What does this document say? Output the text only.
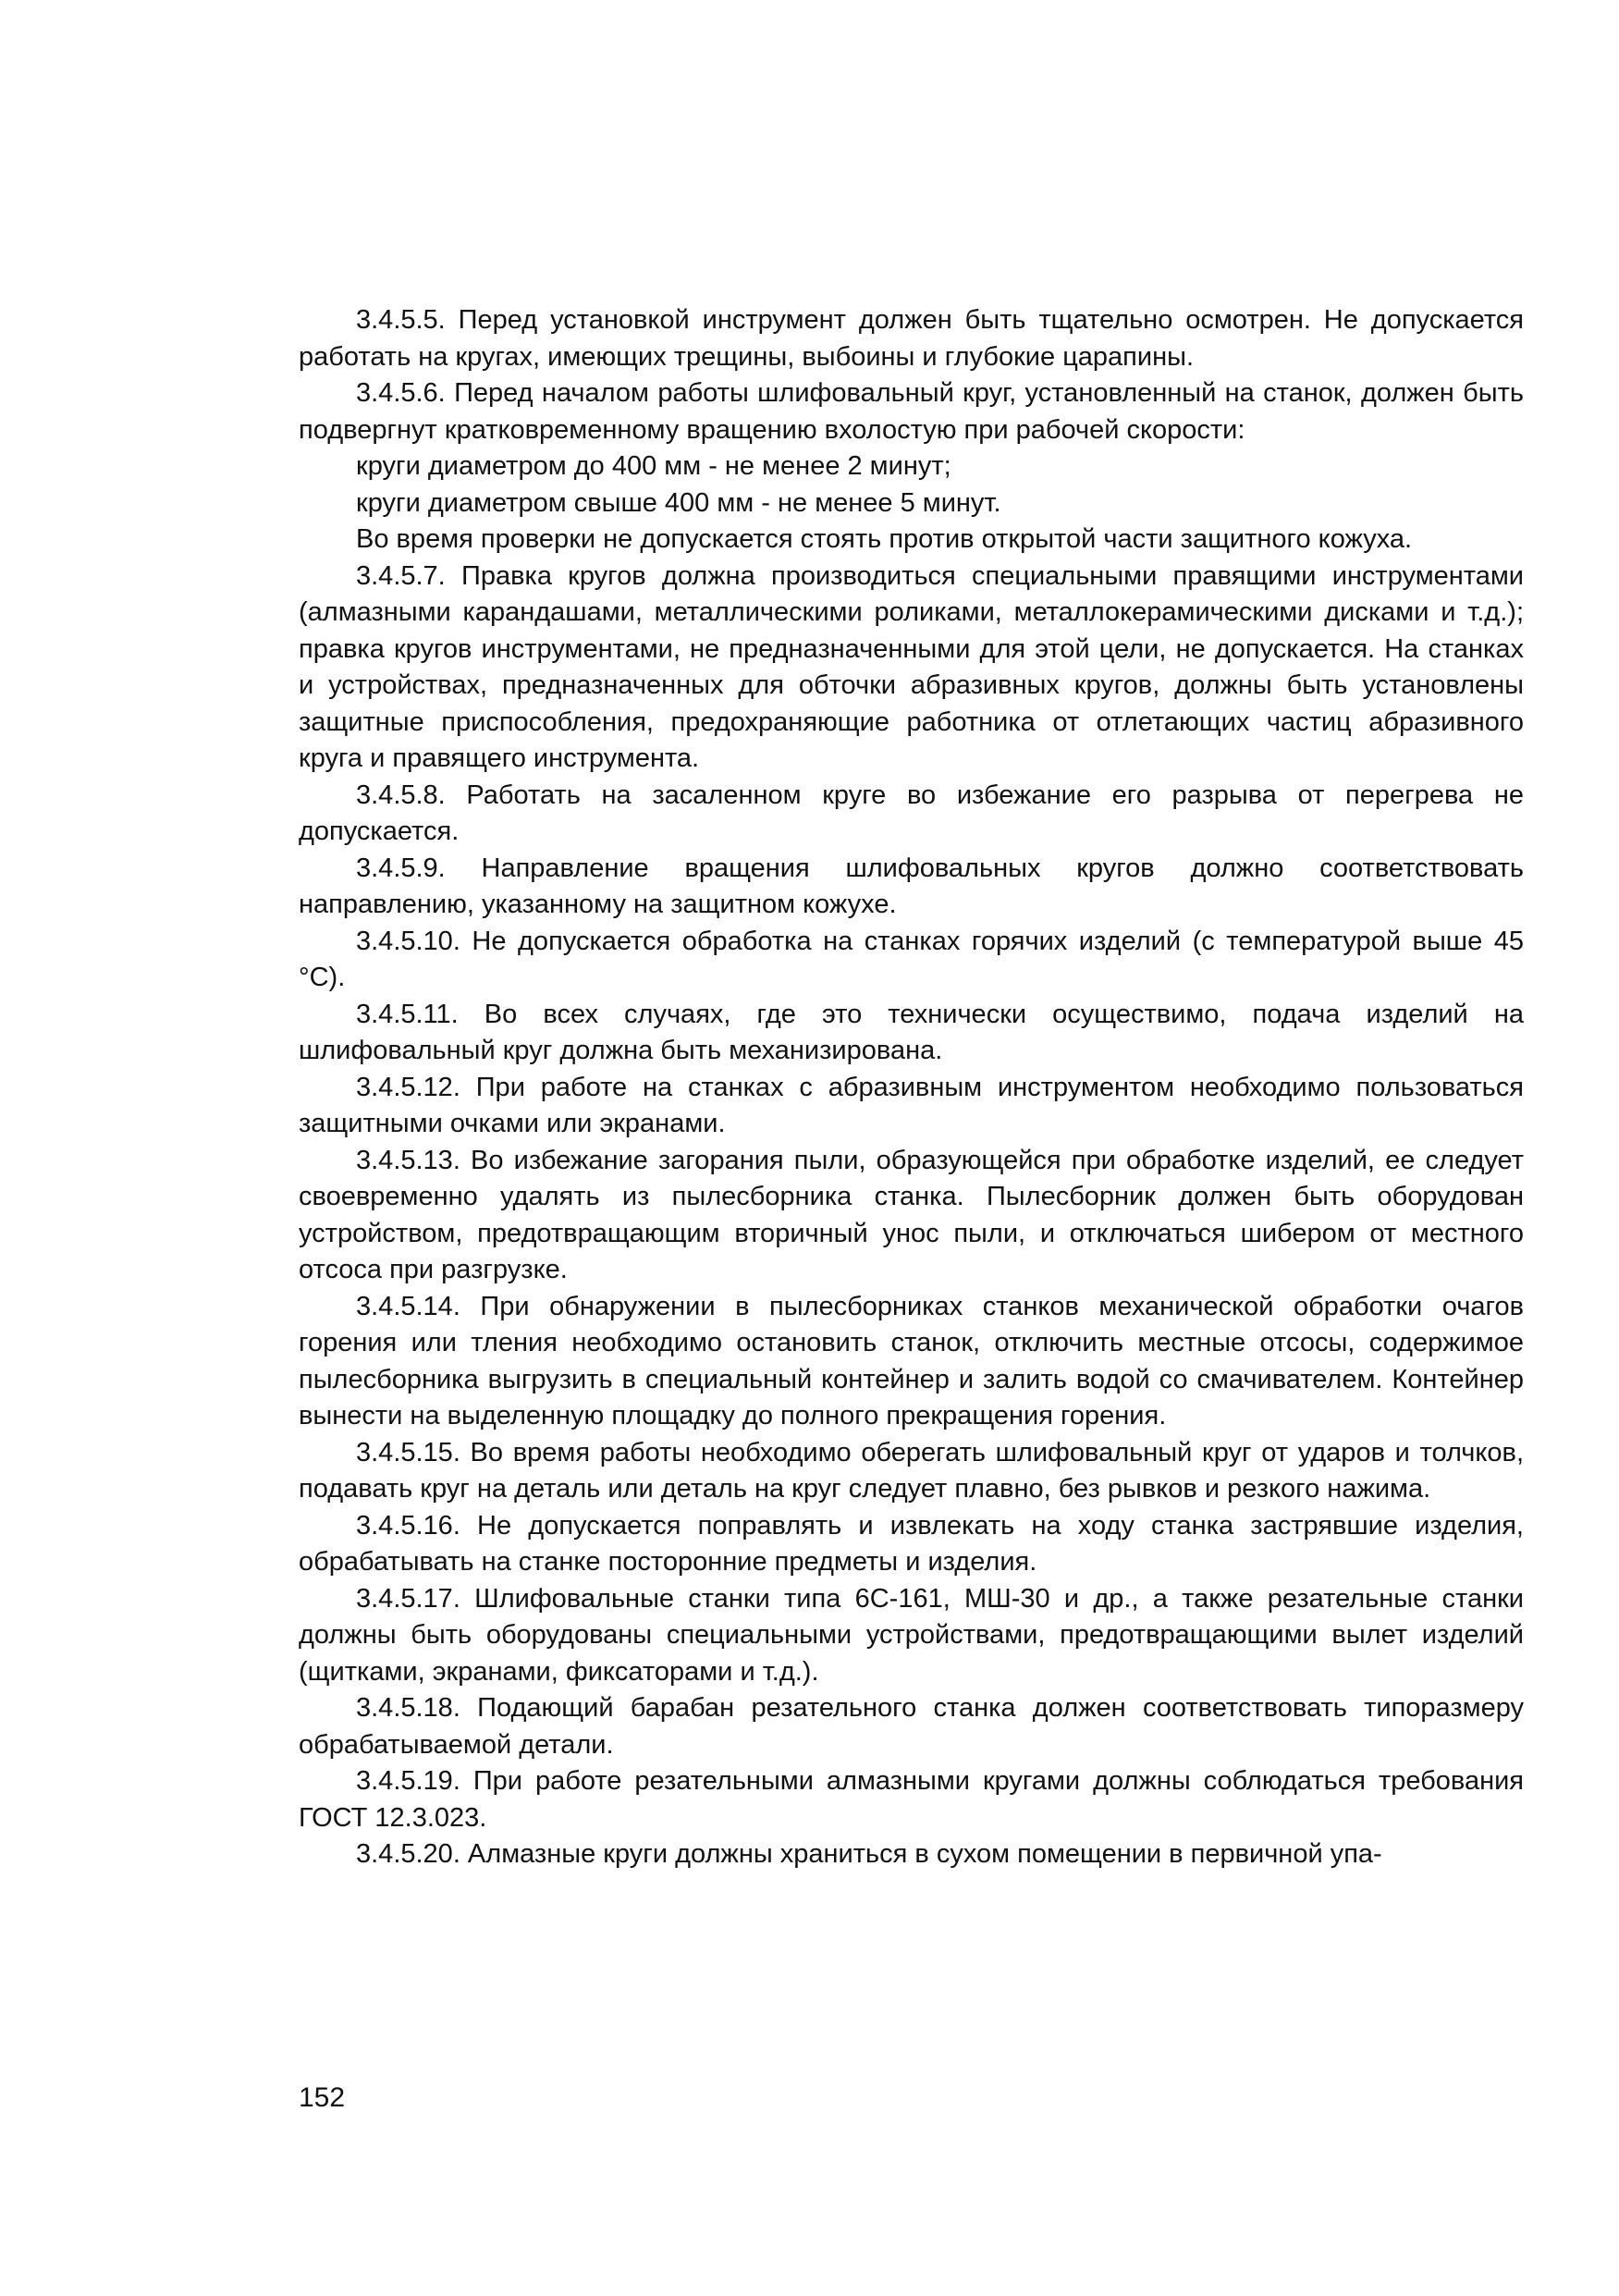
3.4.5.5. Перед установкой инструмент должен быть тщательно осмотрен. Не допускается работать на кругах, имеющих трещины, выбоины и глубокие царапины.

3.4.5.6. Перед началом работы шлифовальный круг, установленный на станок, должен быть подвергнут кратковременному вращению вхолостую при рабочей скорости:

круги диаметром до 400 мм - не менее 2 минут;

круги диаметром свыше 400 мм - не менее 5 минут.

Во время проверки не допускается стоять против открытой части защитного кожуха.

3.4.5.7. Правка кругов должна производиться специальными правящими инструментами (алмазными карандашами, металлическими роликами, металлокерамическими дисками и т.д.); правка кругов инструментами, не предназначенными для этой цели, не допускается. На станках и устройствах, предназначенных для обточки абразивных кругов, должны быть установлены защитные приспособления, предохраняющие работника от отлетающих частиц абразивного круга и правящего инструмента.

3.4.5.8. Работать на засаленном круге во избежание его разрыва от перегрева не допускается.

3.4.5.9. Направление вращения шлифовальных кругов должно соответствовать направлению, указанному на защитном кожухе.

3.4.5.10. Не допускается обработка на станках горячих изделий (с температурой выше 45 °С).

3.4.5.11. Во всех случаях, где это технически осуществимо, подача изделий на шлифовальный круг должна быть механизирована.

3.4.5.12. При работе на станках с абразивным инструментом необходимо пользоваться защитными очками или экранами.

3.4.5.13. Во избежание загорания пыли, образующейся при обработке изделий, ее следует своевременно удалять из пылесборника станка. Пылесборник должен быть оборудован устройством, предотвращающим вторичный унос пыли, и отключаться шибером от местного отсоса при разгрузке.

3.4.5.14. При обнаружении в пылесборниках станков механической обработки очагов горения или тления необходимо остановить станок, отключить местные отсосы, содержимое пылесборника выгрузить в специальный контейнер и залить водой со смачивателем. Контейнер вынести на выделенную площадку до полного прекращения горения.

3.4.5.15. Во время работы необходимо оберегать шлифовальный круг от ударов и толчков, подавать круг на деталь или деталь на круг следует плавно, без рывков и резкого нажима.

3.4.5.16. Не допускается поправлять и извлекать на ходу станка застрявшие изделия, обрабатывать на станке посторонние предметы и изделия.

3.4.5.17. Шлифовальные станки типа 6С-161, МШ-30 и др., а также резательные станки должны быть оборудованы специальными устройствами, предотвращающими вылет изделий (щитками, экранами, фиксаторами и т.д.).

3.4.5.18. Подающий барабан резательного станка должен соответствовать типоразмеру обрабатываемой детали.

3.4.5.19. При работе резательными алмазными кругами должны соблюдаться требования ГОСТ 12.3.023.

3.4.5.20. Алмазные круги должны храниться в сухом помещении в первичной упа-

152
